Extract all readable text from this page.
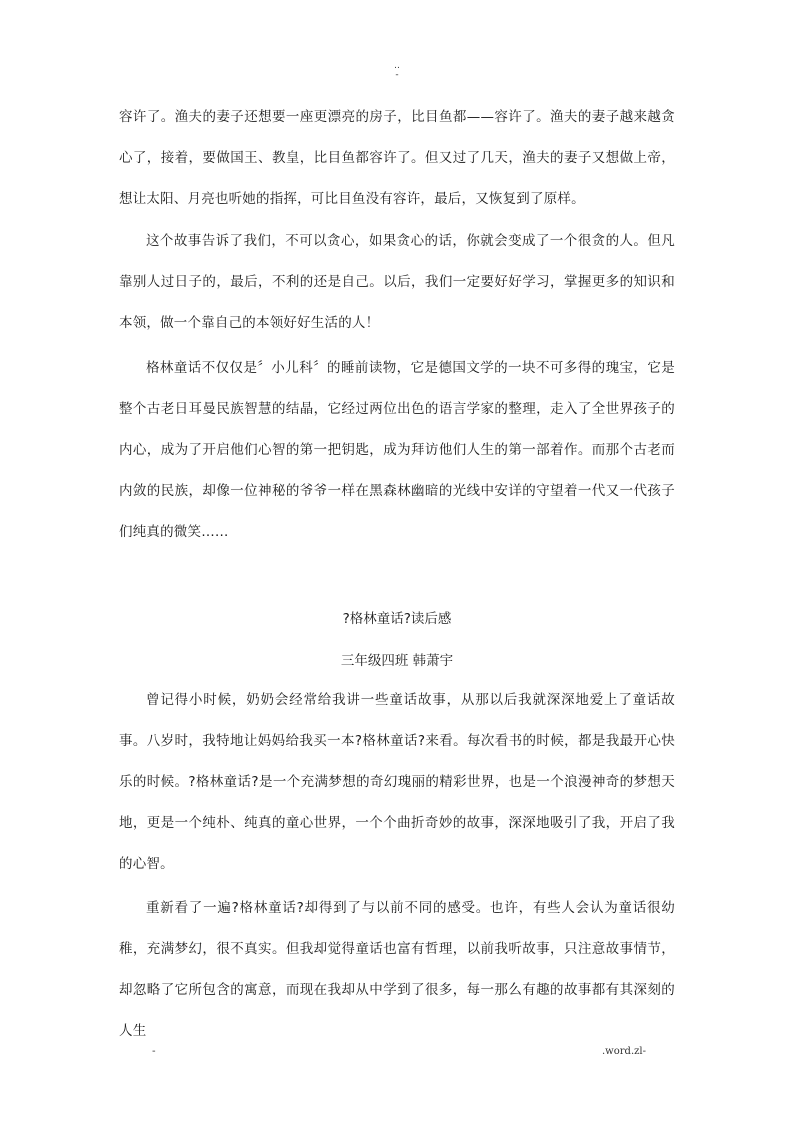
..
-

容许了。渔夫的妻子还想要一座更漂亮的房子，比目鱼都——容许了。渔夫的妻子越来越贪心了，接着，要做国王、教皇，比目鱼都容许了。但又过了几天，渔夫的妻子又想做上帝，想让太阳、月亮也听她的指挥，可比目鱼没有容许，最后，又恢复到了原样。

这个故事告诉了我们，不可以贪心，如果贪心的话，你就会变成了一个很贪的人。但凡靠别人过日子的，最后，不利的还是自己。以后，我们一定要好好学习，掌握更多的知识和本领，做一个靠自己的本领好好生活的人！

格林童话不仅仅是〞小儿科〞的睡前读物，它是德国文学的一块不可多得的瑰宝，它是整个古老日耳曼民族智慧的结晶，它经过两位出色的语言学家的整理，走入了全世界孩子的内心，成为了开启他们心智的第一把钥匙，成为拜访他们人生的第一部着作。而那个古老而内敛的民族，却像一位神秘的爷爷一样在黑森林幽暗的光线中安详的守望着一代又一代孩子们纯真的微笑……

?格林童话?读后感
三年级四班 韩萧宇

曾记得小时候，奶奶会经常给我讲一些童话故事，从那以后我就深深地爱上了童话故事。八岁时，我特地让妈妈给我买一本?格林童话?来看。每次看书的时候，都是我最开心快乐的时候。?格林童话?是一个充满梦想的奇幻瑰丽的精彩世界，也是一个浪漫神奇的梦想天地，更是一个纯朴、纯真的童心世界，一个个曲折奇妙的故事，深深地吸引了我，开启了我的心智。

重新看了一遍?格林童话?却得到了与以前不同的感受。也许，有些人会认为童话很幼稚，充满梦幻，很不真实。但我却觉得童话也富有哲理，以前我听故事，只注意故事情节，却忽略了它所包含的寓意，而现在我却从中学到了很多，每一那么有趣的故事都有其深刻的人生

-	.word.zl-
